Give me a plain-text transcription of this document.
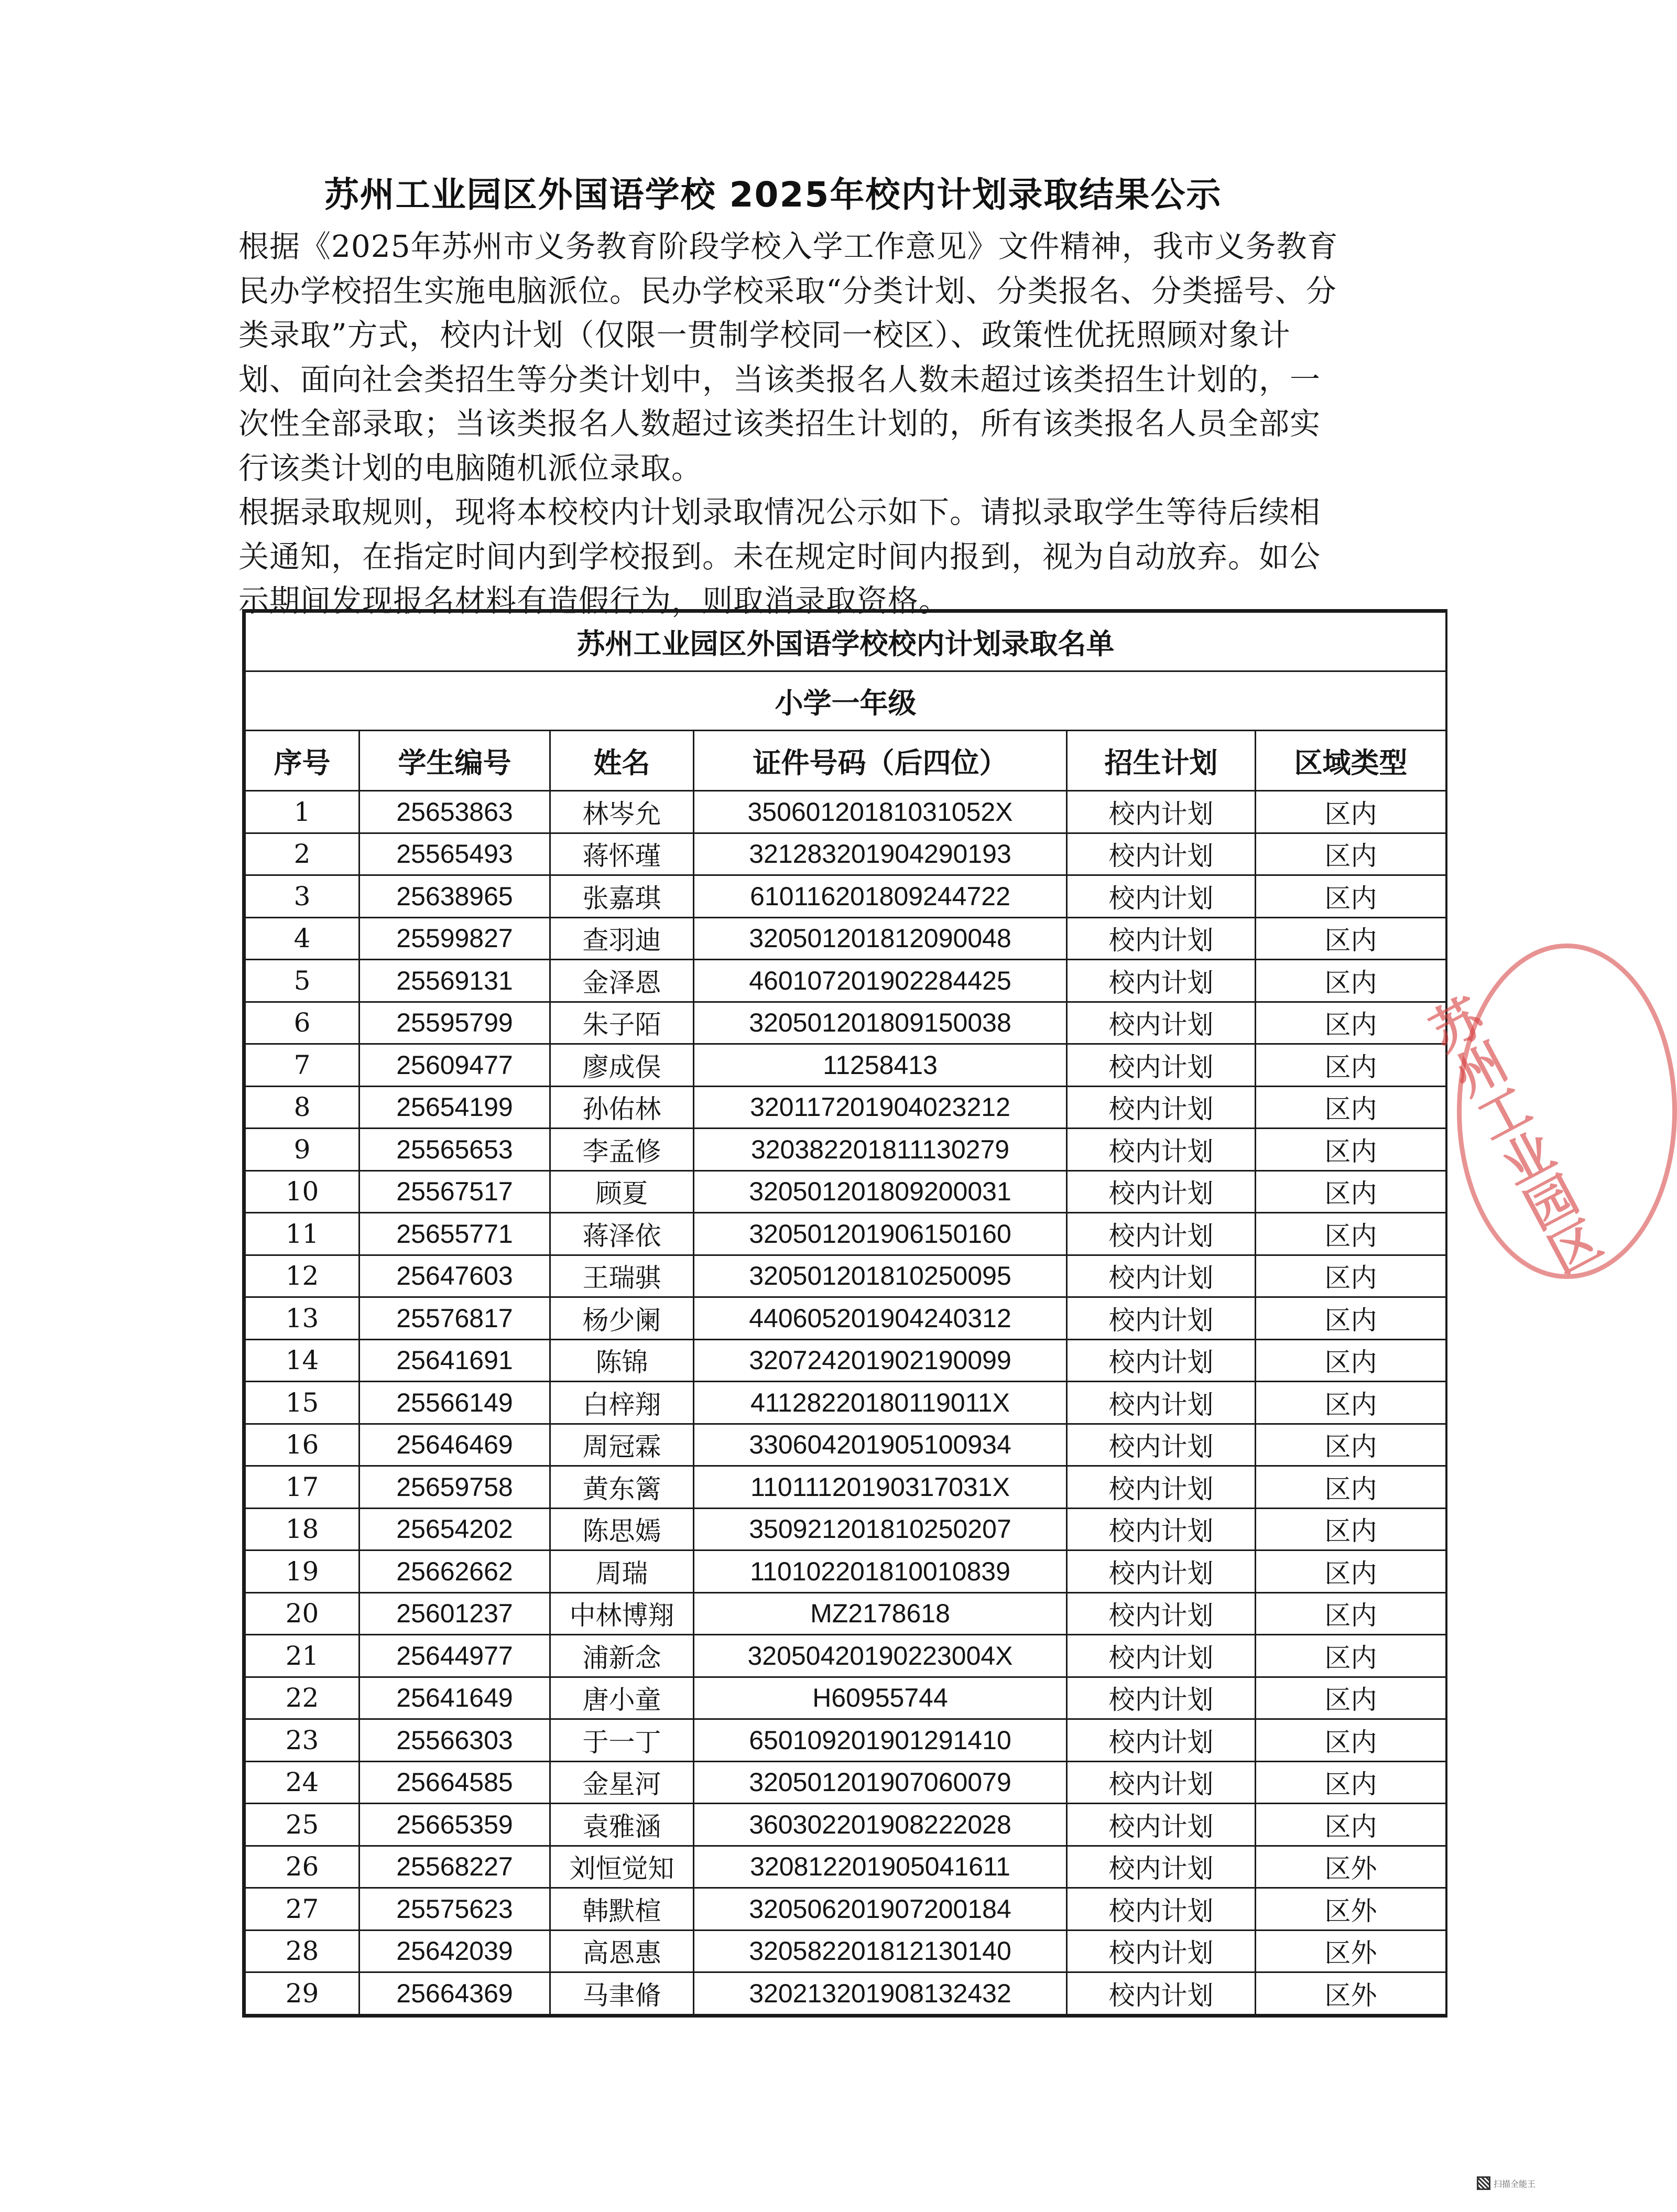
苏州工业园区外国语学校 2025年校内计划录取结果公示

根据《2025年苏州市义务教育阶段学校入学工作意见》文件精神，我市义务教育民办学校招生实施电脑派位。民办学校采取“分类计划、分类报名、分类摇号、分类录取”方式，校内计划（仅限一贯制学校同一校区）、政策性优抚照顾对象计划、面向社会类招生等分类计划中，当该类报名人数未超过该类招生计划的，一次性全部录取；当该类报名人数超过该类招生计划的，所有该类报名人员全部实行该类计划的电脑随机派位录取。

根据录取规则，现将本校校内计划录取情况公示如下。请拟录取学生等待后续相关通知，在指定时间内到学校报到。未在规定时间内报到，视为自动放弃。如公示期间发现报名材料有造假行为，则取消录取资格。

苏州工业园区外国语学校校内计划录取名单					
小学一年级					
序号	学生编号	姓名	证件号码（后四位）	招生计划	区域类型
1	25653863	林岑允	35060120181031052X	校内计划	区内
2	25565493	蒋怀瑾	321283201904290193	校内计划	区内
3	25638965	张嘉琪	610116201809244722	校内计划	区内
4	25599827	查羽迪	320501201812090048	校内计划	区内
5	25569131	金泽恩	460107201902284425	校内计划	区内
6	25595799	朱子陌	320501201809150038	校内计划	区内
7	25609477	廖成俣	11258413	校内计划	区内
8	25654199	孙佑林	320117201904023212	校内计划	区内
9	25565653	李孟修	320382201811130279	校内计划	区内
10	25567517	顾夏	320501201809200031	校内计划	区内
11	25655771	蒋泽依	320501201906150160	校内计划	区内
12	25647603	王瑞骐	320501201810250095	校内计划	区内
13	25576817	杨少阑	440605201904240312	校内计划	区内
14	25641691	陈锦	320724201902190099	校内计划	区内
15	25566149	白梓翔	41128220180119011X	校内计划	区内
16	25646469	周冠霖	330604201905100934	校内计划	区内
17	25659758	黄东篱	11011120190317031X	校内计划	区内
18	25654202	陈思嫣	350921201810250207	校内计划	区内
19	25662662	周瑞	110102201810010839	校内计划	区内
20	25601237	中林博翔	MZ2178618	校内计划	区内
21	25644977	浦新念	32050420190223004X	校内计划	区内
22	25641649	唐小童	H60955744	校内计划	区内
23	25566303	于一丁	650109201901291410	校内计划	区内
24	25664585	金星河	320501201907060079	校内计划	区内
25	25665359	袁雅涵	360302201908222028	校内计划	区内
26	25568227	刘恒觉知	320812201905041611	校内计划	区外
27	25575623	韩默楦	320506201907200184	校内计划	区外
28	25642039	高恩惠	320582201812130140	校内计划	区外
29	25664369	马聿脩	320213201908132432	校内计划	区外
苏州工业园区
扫描全能王
